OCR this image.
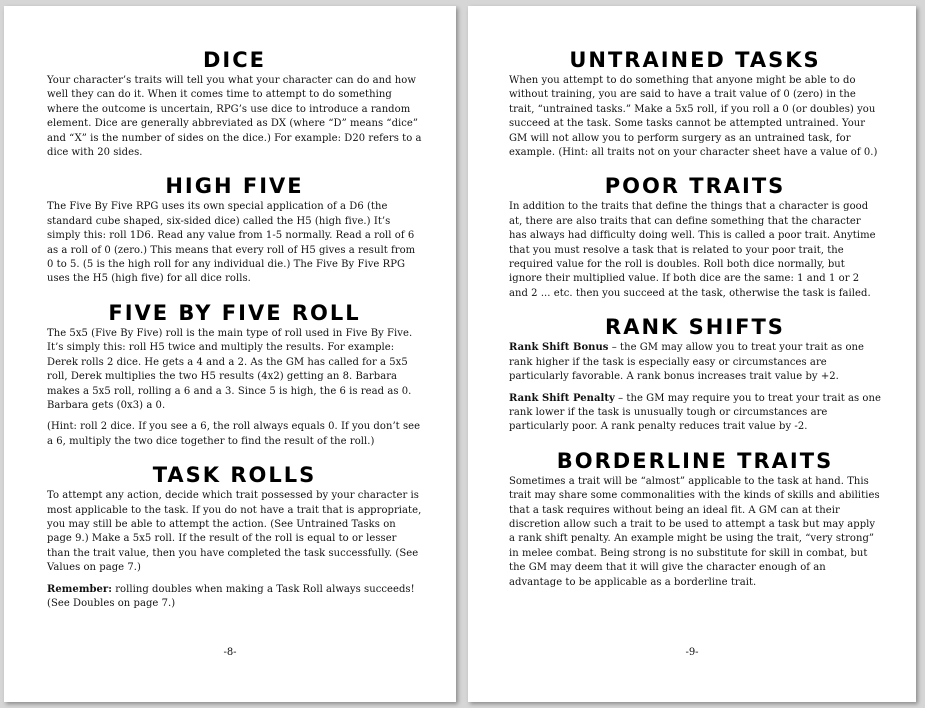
DICE

Your character’s traits will tell you what your character can do and how well they can do it. When it comes time to attempt to do something where the outcome is uncertain, RPG’s use dice to introduce a random element. Dice are generally abbreviated as DX (where “D” means “dice” and “X” is the number of sides on the dice.) For example: D20 refers to a dice with 20 sides.

HIGH FIVE

The Five By Five RPG uses its own special application of a D6 (the standard cube shaped, six-sided dice) called the H5 (high five.) It’s simply this: roll 1D6. Read any value from 1-5 normally. Read a roll of 6 as a roll of 0 (zero.) This means that every roll of H5 gives a result from 0 to 5. (5 is the high roll for any individual die.) The Five By Five RPG uses the H5 (high five) for all dice rolls.

FIVE BY FIVE ROLL

The 5x5 (Five By Five) roll is the main type of roll used in Five By Five. It’s simply this: roll H5 twice and multiply the results. For example: Derek rolls 2 dice. He gets a 4 and a 2. As the GM has called for a 5x5 roll, Derek multiplies the two H5 results (4x2) getting an 8. Barbara makes a 5x5 roll, rolling a 6 and a 3. Since 5 is high, the 6 is read as 0. Barbara gets (0x3) a 0.

(Hint: roll 2 dice. If you see a 6, the roll always equals 0. If you don’t see a 6, multiply the two dice together to find the result of the roll.)

TASK ROLLS

To attempt any action, decide which trait possessed by your character is most applicable to the task. If you do not have a trait that is appropriate, you may still be able to attempt the action. (See Untrained Tasks on page 9.) Make a 5x5 roll. If the result of the roll is equal to or lesser than the trait value, then you have completed the task successfully. (See Values on page 7.)

Remember: rolling doubles when making a Task Roll always succeeds! (See Doubles on page 7.)

-8-
UNTRAINED TASKS

When you attempt to do something that anyone might be able to do without training, you are said to have a trait value of 0 (zero) in the trait, “untrained tasks.” Make a 5x5 roll, if you roll a 0 (or doubles) you succeed at the task. Some tasks cannot be attempted untrained. Your GM will not allow you to perform surgery as an untrained task, for example. (Hint: all traits not on your character sheet have a value of 0.)

POOR TRAITS

In addition to the traits that define the things that a character is good at, there are also traits that can define something that the character has always had difficulty doing well. This is called a poor trait. Anytime that you must resolve a task that is related to your poor trait, the required value for the roll is doubles. Roll both dice normally, but ignore their multiplied value. If both dice are the same: 1 and 1 or 2 and 2 ... etc. then you succeed at the task, otherwise the task is failed.

RANK SHIFTS

Rank Shift Bonus – the GM may allow you to treat your trait as one rank higher if the task is especially easy or circumstances are particularly favorable. A rank bonus increases trait value by +2.

Rank Shift Penalty – the GM may require you to treat your trait as one rank lower if the task is unusually tough or circumstances are particularly poor. A rank penalty reduces trait value by -2.

BORDERLINE TRAITS

Sometimes a trait will be “almost” applicable to the task at hand. This trait may share some commonalities with the kinds of skills and abilities that a task requires without being an ideal fit. A GM can at their discretion allow such a trait to be used to attempt a task but may apply a rank shift penalty. An example might be using the trait, “very strong” in melee combat. Being strong is no substitute for skill in combat, but the GM may deem that it will give the character enough of an advantage to be applicable as a borderline trait.

-9-
